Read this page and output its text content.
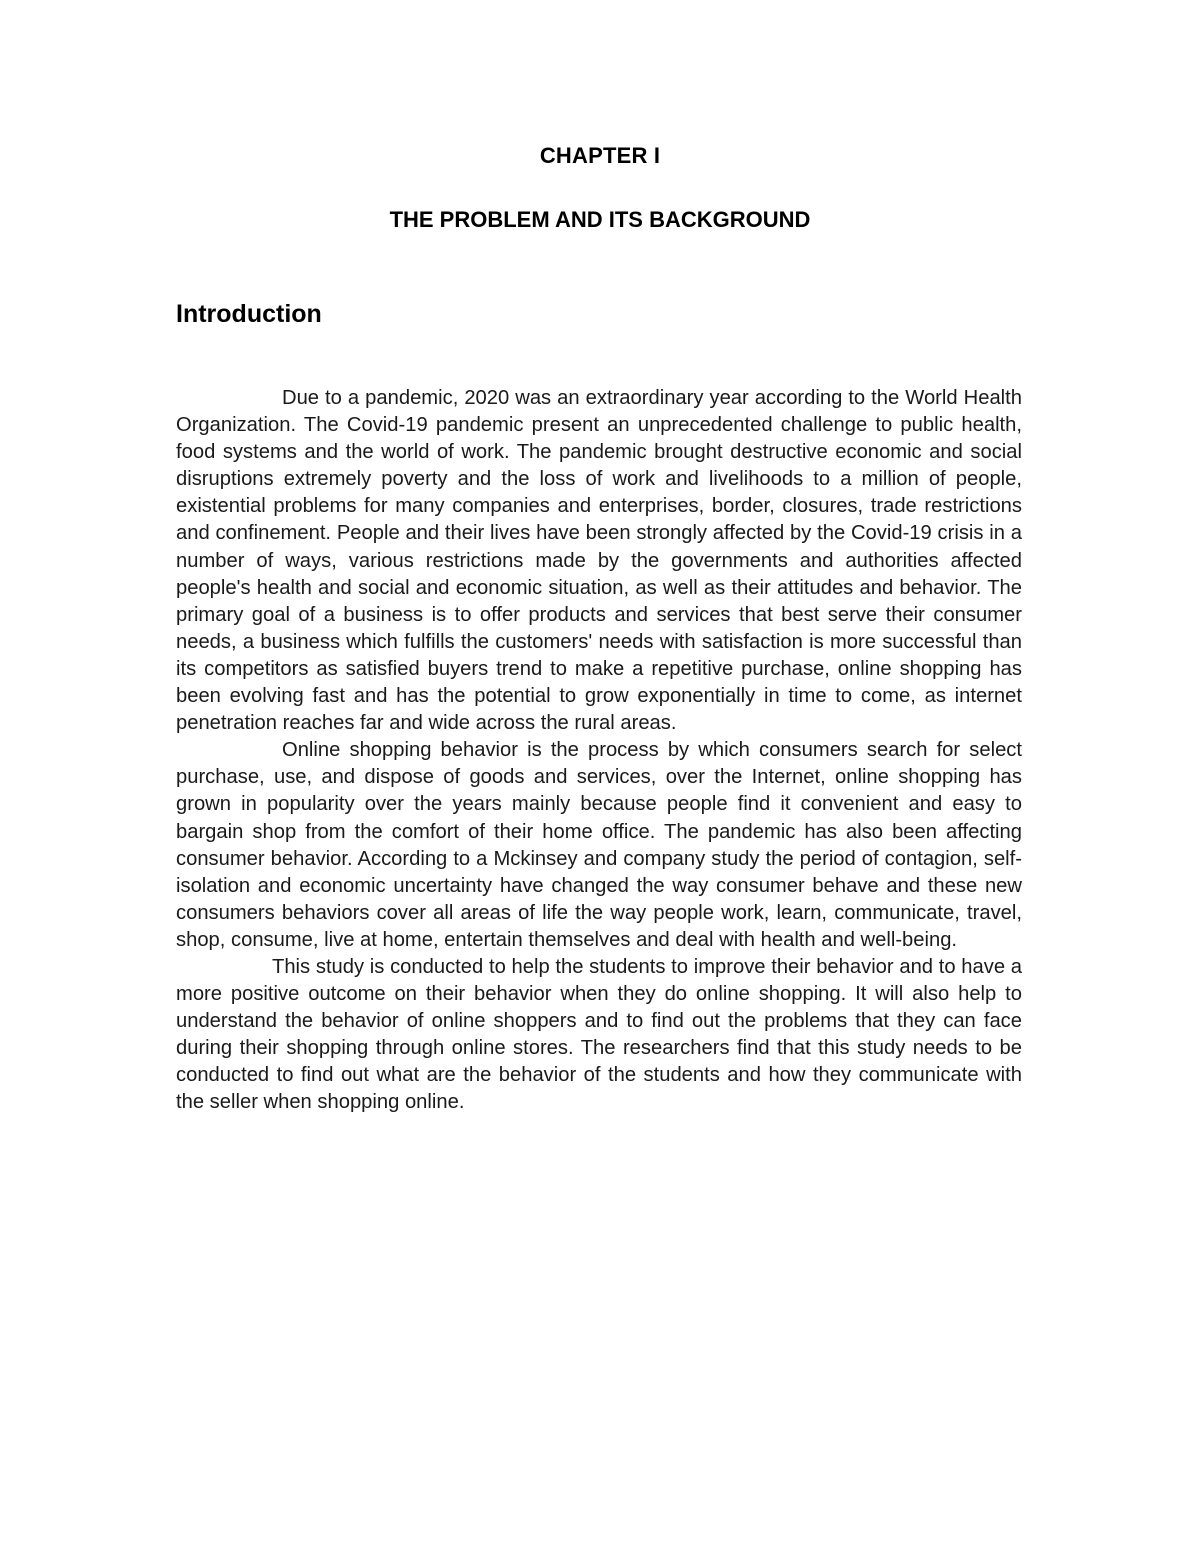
CHAPTER I
THE PROBLEM AND ITS BACKGROUND
Introduction

Due to a pandemic, 2020 was an extraordinary year according to the World Health Organization. The Covid-19 pandemic present an unprecedented challenge to public health, food systems and the world of work. The pandemic brought destructive economic and social disruptions extremely poverty and the loss of work and livelihoods to a million of people, existential problems for many companies and enterprises, border, closures, trade restrictions and confinement. People and their lives have been strongly affected by the Covid-19 crisis in a number of ways, various restrictions made by the governments and authorities affected people's health and social and economic situation, as well as their attitudes and behavior. The primary goal of a business is to offer products and services that best serve their consumer needs, a business which fulfills the customers' needs with satisfaction is more successful than its competitors as satisfied buyers trend to make a repetitive purchase, online shopping has been evolving fast and has the potential to grow exponentially in time to come, as internet penetration reaches far and wide across the rural areas.

Online shopping behavior is the process by which consumers search for select purchase, use, and dispose of goods and services, over the Internet, online shopping has grown in popularity over the years mainly because people find it convenient and easy to bargain shop from the comfort of their home office. The pandemic has also been affecting consumer behavior. According to a Mckinsey and company study the period of contagion, self-isolation and economic uncertainty have changed the way consumer behave and these new consumers behaviors cover all areas of life the way people work, learn, communicate, travel, shop, consume, live at home, entertain themselves and deal with health and well-being.

This study is conducted to help the students to improve their behavior and to have a more positive outcome on their behavior when they do online shopping. It will also help to understand the behavior of online shoppers and to find out the problems that they can face during their shopping through online stores. The researchers find that this study needs to be conducted to find out what are the behavior of the students and how they communicate with the seller when shopping online.
